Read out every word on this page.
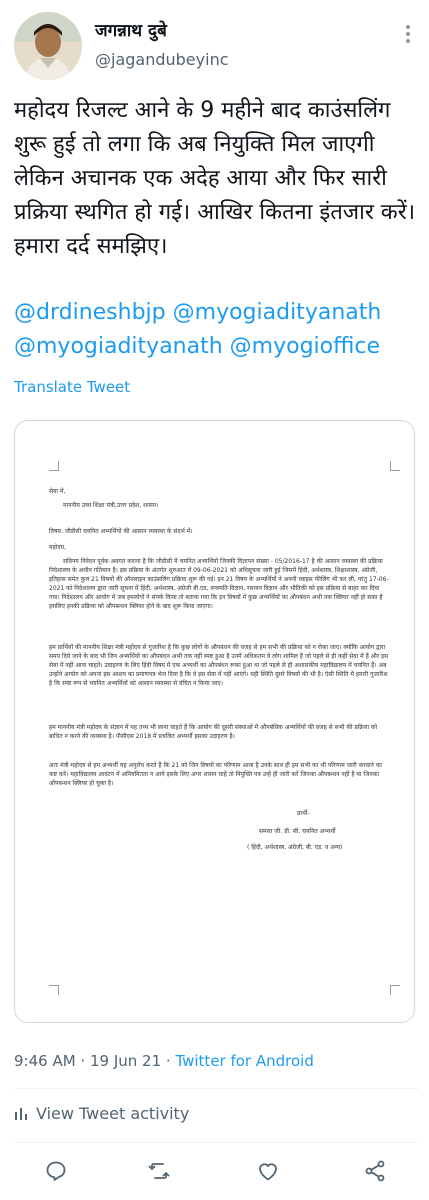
जगन्नाथ दुबे
@jagandubeyinc
महोदय रिजल्ट आने के 9 महीने बाद काउंसलिंग शुरू हुई तो लगा कि अब नियुक्ति मिल जाएगी लेकिन अचानक एक अदेह आया और फिर सारी प्रक्रिया स्थगित हो गई। आखिर कितना इंतजार करें। हमारा दर्द समझिए।
@drdineshbjp @myogiadityanath @myogiadityanath @myogioffice
Translate Tweet
सेवा में,
माननीय उच्च शिक्षा मंत्री,उत्तर प्रदेश, शासन।
विषय: जीडीसी चयनित अभ्यर्थियों की आसान व्यवस्था के संदर्भ में।
महोदय,
सविनय निवेदन पूर्वक अवगत कराना है कि जीडीसी में चयनित अभ्यर्थियों जिनकी विज्ञापन संख्या - 05/2016-17 है की आसान व्यवस्था की प्रक्रिया निदेशालय के अधीन गतिमान है। इस प्रक्रिया के अंतर्गत शुरुआत में 09-06-2021 को अधिसूचना जारी हुई जिसमें हिंदी, अर्थशास्त्र, शिक्षाशास्त्र, अंग्रेजी, इतिहास समेत कुल 21 विषयों की ऑनलाइन काउंसलिंग प्रक्रिया शुरू की गई। इन 21 विषय के अभ्यर्थियों ने अपनी च्वाइस फीलिंग भी कर ली, परंतु 17-06-2021 को निदेशालय द्वारा जारी सूचना में हिंदी, अर्थशास्त्र, अंग्रेजी बी.एड, वनस्पति विज्ञान, रसायन विज्ञान और भौतिकी को इस प्रक्रिया से बाहर कर दिया गया। निदेशालय और आयोग में जब हमलोगों ने संपर्क किया तो बताया गया कि इन विषयों में कुछ अभ्यर्थियों का औपबंधन अभी तक क्लियर नहीं हो सका है इसलिए इनकी प्रक्रिया को औपबन्धन क्लियर होने के बाद शुरू किया जाएगा।
हम प्रार्थियों की माननीय शिक्षा मंत्री महोदय से गुजारिश है कि कुछ लोगों के औपबंधन की वजह से हम सभी की प्रक्रिया को न रोका जाए। क्योंकि आयोग द्वारा समय दिये जाने के बाद भी जिन अभ्यर्थियों का औपबंधन अभी तक नहीं स्पष्ट हुआ है उनमें अधिकतम वे लोग शामिल हैं जो पहले से ही कहीं सेवा में हैं और इस सेवा में नहीं आना चाहते। उदाहरण के लिए हिंदी विषय में एक अभ्यर्थी का औपबंधन रूका हुआ था जो पहले से ही अशासकीय महाविद्यालय में चयनित हैं। अब उन्होंने आयोग को अपना इस आशय का प्रमाणपत्र भेज दिया है कि वे इस सेवा में नहीं आएंगे। यही स्थिति दूसरे विषयों की भी है। ऐसी स्थिति में हमारी गुजारिश है कि स्पष्ट रूप से चयनित अभ्यर्थियों को आसान व्यवस्था से वंचित न किया जाए।
हम माननीय मंत्री महोदय के संज्ञान में यह तथ्य भी लाना चाहते हैं कि आयोग की दूसरी संस्थाओं में औपबंधिक अभ्यर्थियों की वजह से सभी की प्रक्रिया को बाधित न करने की व्यवस्था है। पीसीएस 2018 में प्रचलित अभ्यर्थी इसका उदाहरण है।
अतः मंत्री महोदय से हम अभ्यर्थी यह अनुरोध करते हैं कि 21 को जिन विषयों का परिणाम आना है उनके साथ ही हम सभी का भी परिणाम जारी करवाने का कष्ट करें। महाविद्यालय आवंटन में अनियमितता न आये इसके लिए अगर शासन चाहें तो नियुक्ति पत्र उन्हें ही जारी करें जिनका औपबन्धन नहीं है या जिनका औपबन्धन क्लियर हो चुका है।
प्रार्थी-
समस्त जी. डी. सी. चयनित अभ्यर्थी
( हिंदी, अर्थशास्त्र, अंग्रेजी, बी. एड. व अन्य)
9:46 AM · 19 Jun 21 · Twitter for Android
View Tweet activity
